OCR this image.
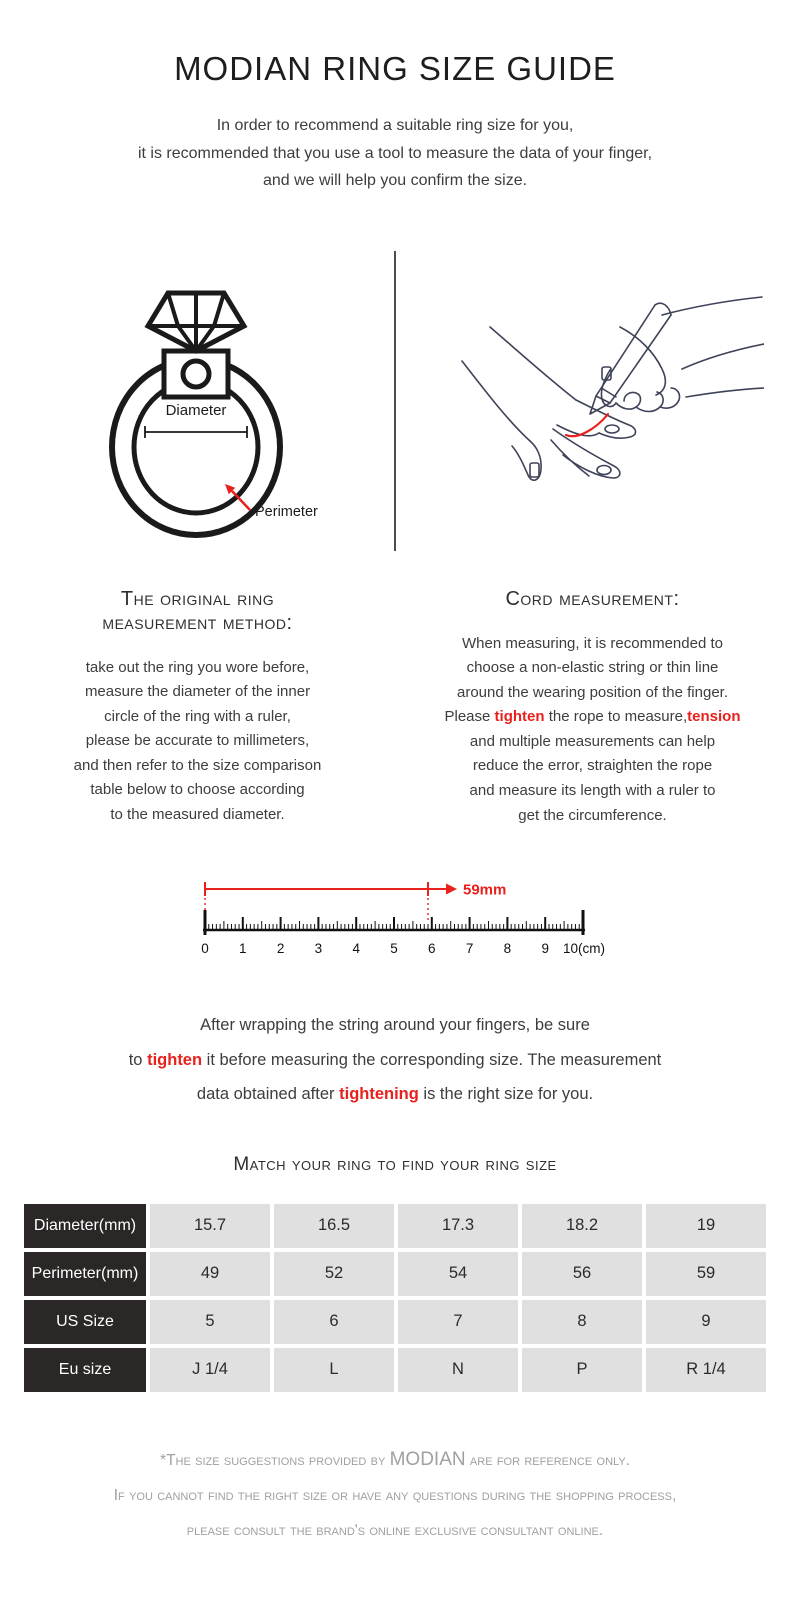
MODIAN RING SIZE GUIDE

In order to recommend a suitable ring size for you,
it is recommended that you use a tool to measure the data of your finger,
and we will help you confirm the size.

Diameter
Perimeter
The original ring
measurement method:
take out the ring you wore before,
measure the diameter of the inner
circle of the ring with a ruler,
please be accurate to millimeters,
and then refer to the size comparison
table below to choose according
to the measured diameter.
Cord measurement:
When measuring, it is recommended to
choose a non-elastic string or thin line
around the wearing position of the finger.
Please tighten the rope to measure,tension
and multiple measurements can help
reduce the error, straighten the rope
and measure its length with a ruler to
get the circumference.
59mm
0 1 2 3 4 5 6 7 8 9 10(cm)

After wrapping the string around your fingers, be sure
to tighten it before measuring the corresponding size. The measurement
data obtained after tightening is the right size for you.

Match your ring to find your ring size
Diameter(mm)	15.7	16.5	17.3	18.2	19
Perimeter(mm)	49	52	54	56	59
US Size	5	6	7	8	9
Eu size	J 1/4	L	N	P	R 1/4

*The size suggestions provided by MODIAN are for reference only.
If you cannot find the right size or have any questions during the shopping process,
please consult the brand's online exclusive consultant online.
